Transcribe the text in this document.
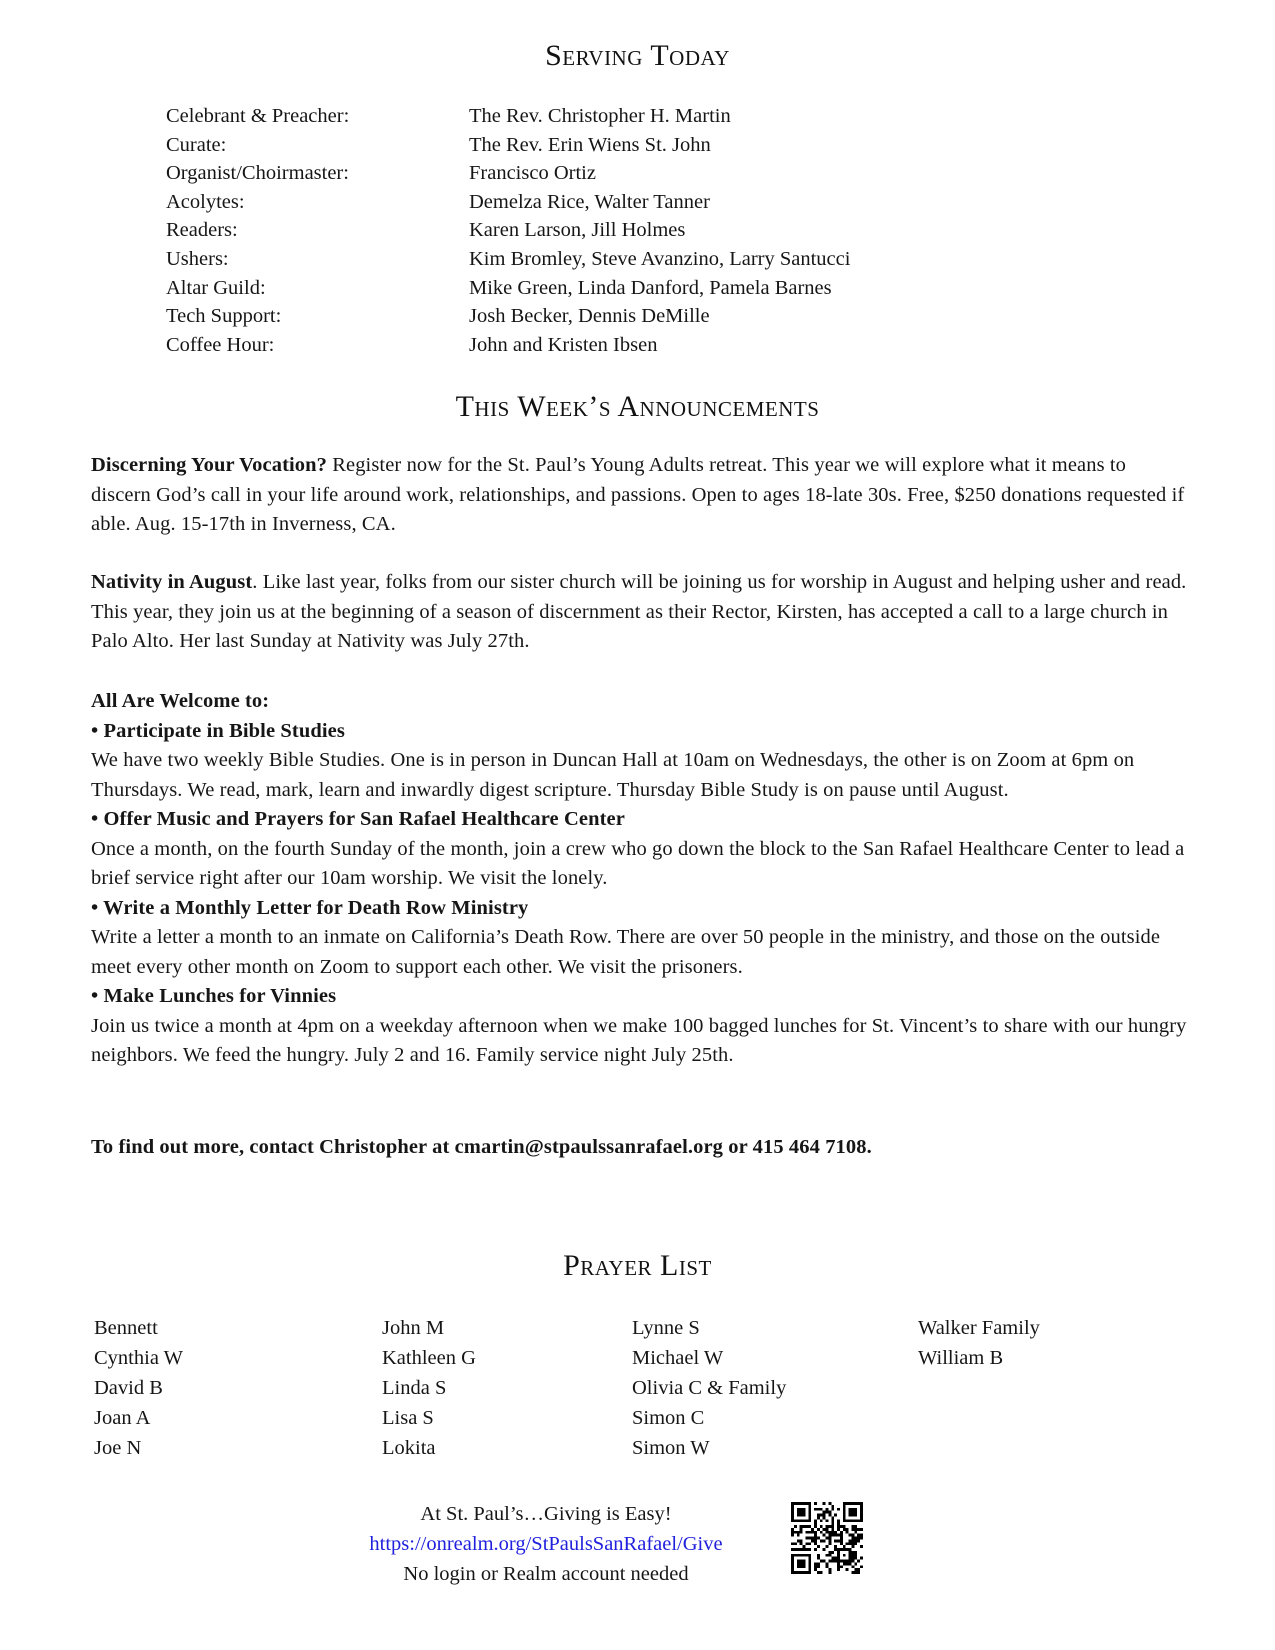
Serving Today
Celebrant & Preacher:	The Rev. Christopher H. Martin
Curate:	The Rev. Erin Wiens St. John
Organist/Choirmaster:	Francisco Ortiz
Acolytes:	Demelza Rice, Walter Tanner
Readers:	Karen Larson, Jill Holmes
Ushers:	Kim Bromley, Steve Avanzino, Larry Santucci
Altar Guild:	Mike Green, Linda Danford, Pamela Barnes
Tech Support:	Josh Becker, Dennis DeMille
Coffee Hour:	John and Kristen Ibsen
This Week’s Announcements
Discerning Your Vocation? Register now for the St. Paul’s Young Adults retreat. This year we will explore what it means to discern God’s call in your life around work, relationships, and passions. Open to ages 18-late 30s. Free, $250 donations requested if able. Aug. 15-17th in Inverness, CA.
Nativity in August. Like last year, folks from our sister church will be joining us for worship in August and helping usher and read. This year, they join us at the beginning of a season of discernment as their Rector, Kirsten, has accepted a call to a large church in Palo Alto. Her last Sunday at Nativity was July 27th.
All Are Welcome to:
• Participate in Bible Studies
We have two weekly Bible Studies. One is in person in Duncan Hall at 10am on Wednesdays, the other is on Zoom at 6pm on Thursdays. We read, mark, learn and inwardly digest scripture. Thursday Bible Study is on pause until August.
• Offer Music and Prayers for San Rafael Healthcare Center
Once a month, on the fourth Sunday of the month, join a crew who go down the block to the San Rafael Healthcare Center to lead a brief service right after our 10am worship. We visit the lonely.
• Write a Monthly Letter for Death Row Ministry
Write a letter a month to an inmate on California’s Death Row. There are over 50 people in the ministry, and those on the outside meet every other month on Zoom to support each other. We visit the prisoners.
• Make Lunches for Vinnies
Join us twice a month at 4pm on a weekday afternoon when we make 100 bagged lunches for St. Vincent’s to share with our hungry neighbors. We feed the hungry. July 2 and 16. Family service night July 25th.
To find out more, contact Christopher at cmartin@stpaulssanrafael.org or 415 464 7108.
Prayer List
Bennett
Cynthia W
David B
Joan A
Joe N
John M
Kathleen G
Linda S
Lisa S
Lokita
Lynne S
Michael W
Olivia C & Family
Simon C
Simon W
Walker Family
William B
At St. Paul’s…Giving is Easy!
https://onrealm.org/StPaulsSanRafael/Give
No login or Realm account needed
